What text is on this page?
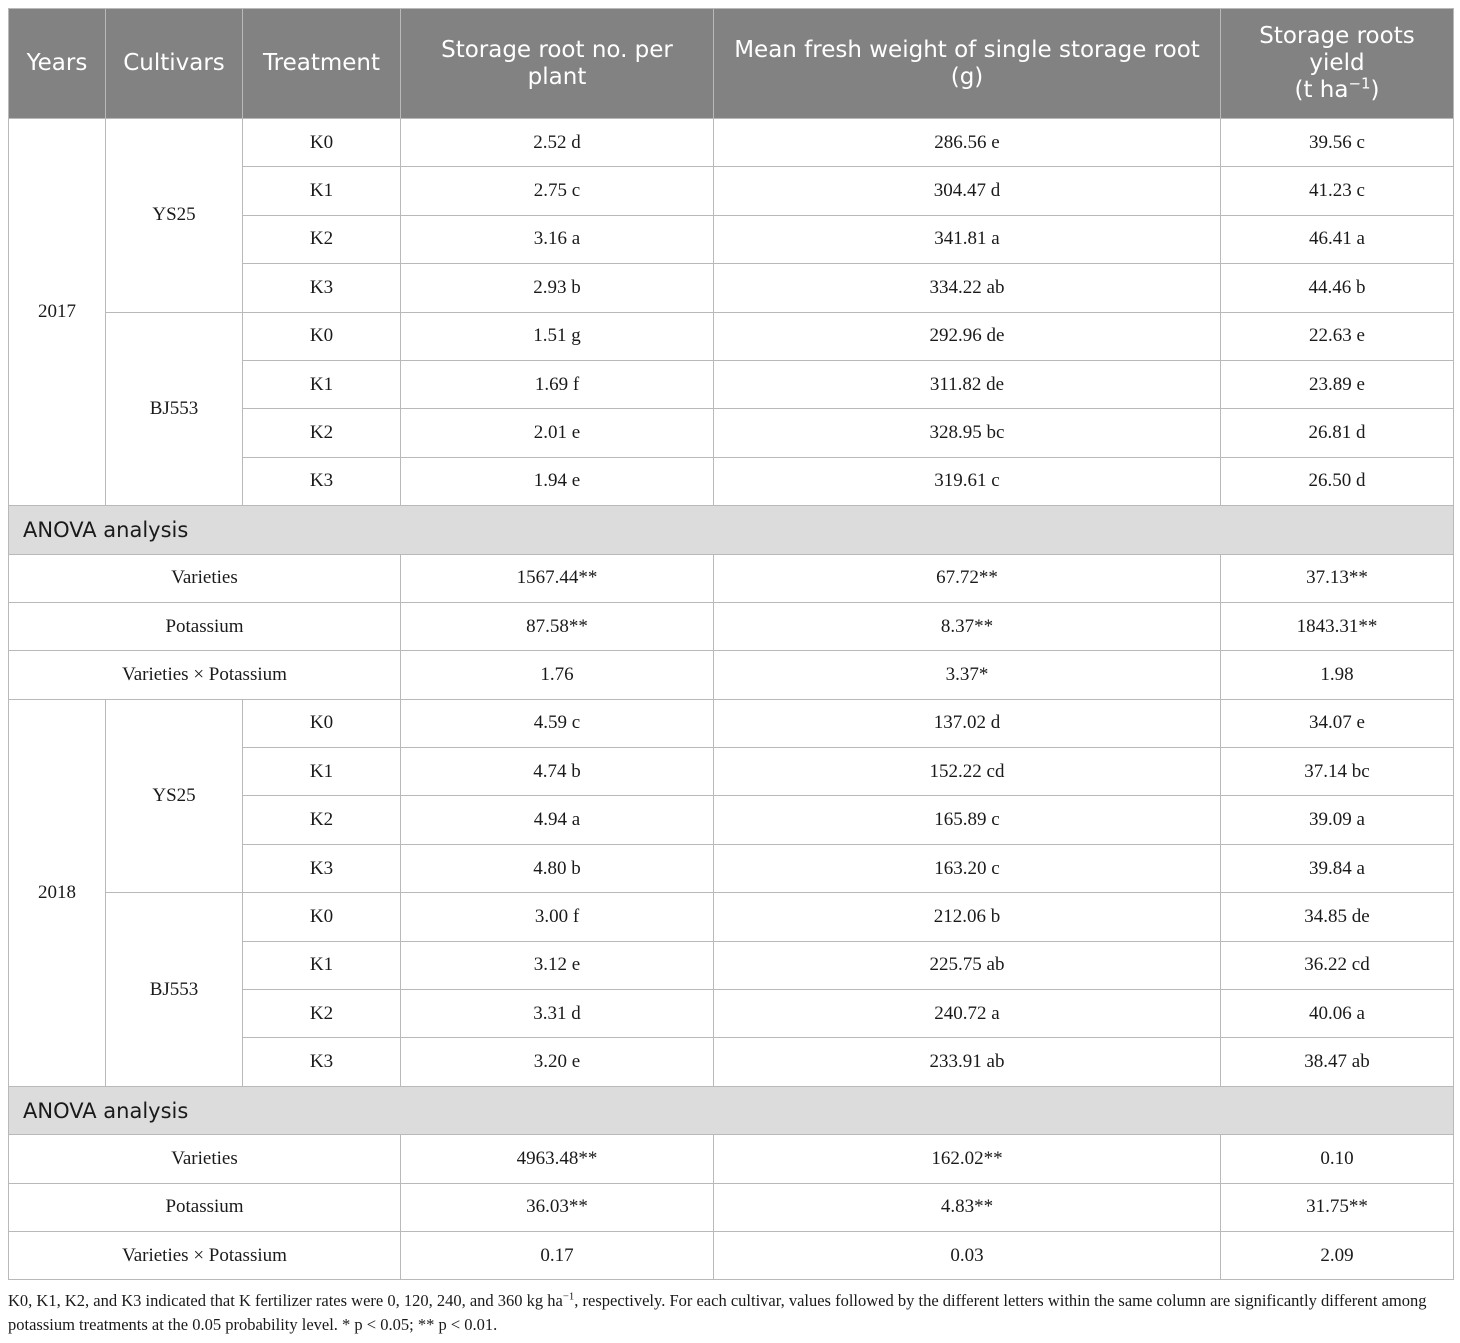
Years	Cultivars	Treatment	Storage root no. per plant	Mean fresh weight of single storage root (g)	Storage roots yield
(t $ha^{-1}$)

2017	YS25	K0	2.52 d	286.56 e	39.56 c
		K1	2.75 c	304.47 d	41.23 c
		K2	3.16 a	341.81 a	46.41 a
		K3	2.93 b	334.22 ab	44.46 b
	BJ553	K0	1.51 g	292.96 de	22.63 e
		K1	1.69 f	311.82 de	23.89 e
		K2	2.01 e	328.95 bc	26.81 d
		K3	1.94 e	319.61 c	26.50 d
ANOVA analysis					
Varieties			1567.44**	67.72**	37.13**
Potassium			87.58**	8.37**	1843.31**
Varieties × Potassium			1.76	3.37*	1.98
2018	YS25	K0	4.59 c	137.02 d	34.07 e
		K1	4.74 b	152.22 cd	37.14 bc
		K2	4.94 a	165.89 c	39.09 a
		K3	4.80 b	163.20 c	39.84 a
	BJ553	K0	3.00 f	212.06 b	34.85 de
		K1	3.12 e	225.75 ab	36.22 cd
		K2	3.31 d	240.72 a	40.06 a
		K3	3.20 e	233.91 ab	38.47 ab
ANOVA analysis					
Varieties			4963.48**	162.02**	0.10
Potassium			36.03**	4.83**	31.75**
Varieties × Potassium			0.17	0.03	2.09
K0, K1, K2, and K3 indicated that K fertilizer rates were 0, 120, 240, and 360 kg $ha^{-1}$, respectively. For each cultivar, values followed by the different letters within the same column are significantly different among potassium treatments at the 0.05 probability level. * p < 0.05; ** p < 0.01.
